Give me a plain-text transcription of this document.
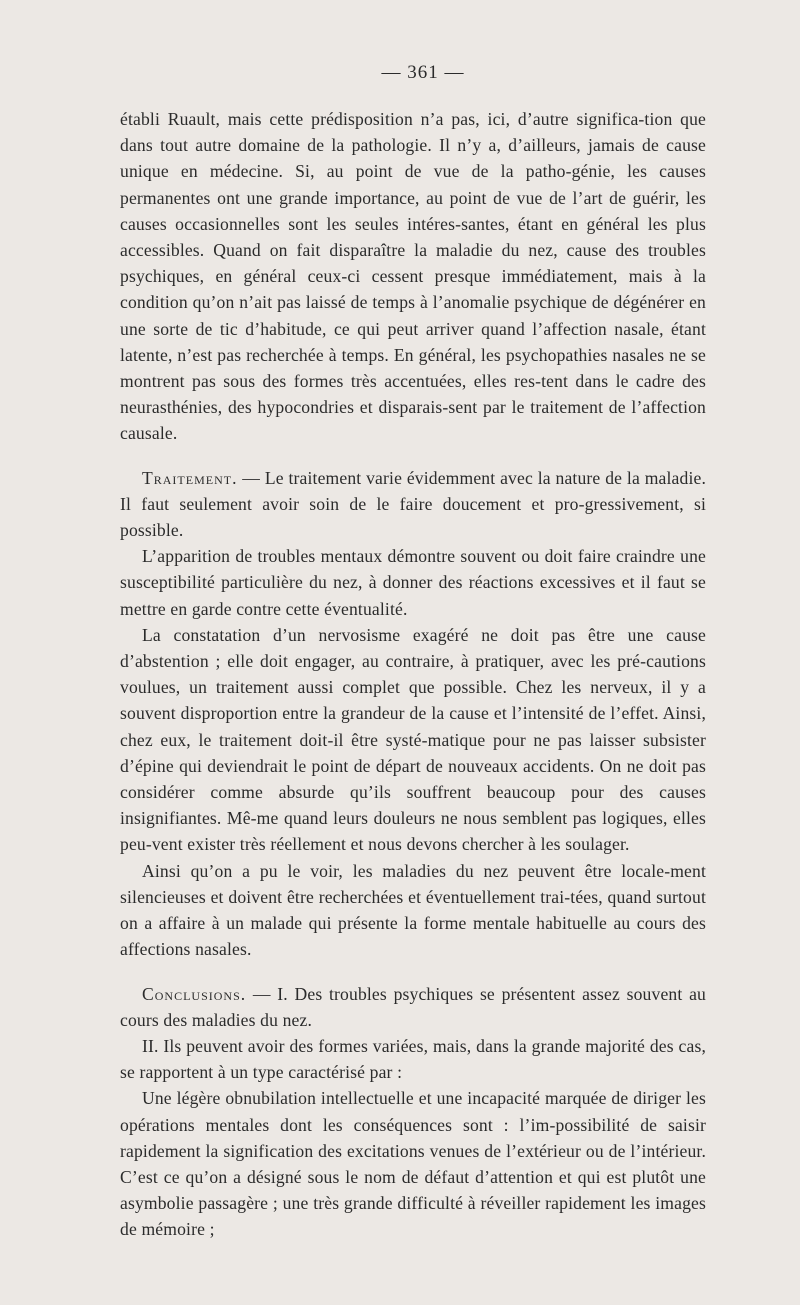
— 361 —

établi Ruault, mais cette prédisposition n’a pas, ici, d’autre significa-tion que dans tout autre domaine de la pathologie. Il n’y a, d’ailleurs, jamais de cause unique en médecine. Si, au point de vue de la patho-génie, les causes permanentes ont une grande importance, au point de vue de l’art de guérir, les causes occasionnelles sont les seules intéres-santes, étant en général les plus accessibles. Quand on fait disparaître la maladie du nez, cause des troubles psychiques, en général ceux-ci cessent presque immédiatement, mais à la condition qu’on n’ait pas laissé de temps à l’anomalie psychique de dégénérer en une sorte de tic d’habitude, ce qui peut arriver quand l’affection nasale, étant latente, n’est pas recherchée à temps. En général, les psychopathies nasales ne se montrent pas sous des formes très accentuées, elles res-tent dans le cadre des neurasthénies, des hypocondries et disparais-sent par le traitement de l’affection causale.

Traitement. — Le traitement varie évidemment avec la nature de la maladie. Il faut seulement avoir soin de le faire doucement et pro-gressivement, si possible.

L’apparition de troubles mentaux démontre souvent ou doit faire craindre une susceptibilité particulière du nez, à donner des réactions excessives et il faut se mettre en garde contre cette éventualité.

La constatation d’un nervosisme exagéré ne doit pas être une cause d’abstention ; elle doit engager, au contraire, à pratiquer, avec les pré-cautions voulues, un traitement aussi complet que possible. Chez les nerveux, il y a souvent disproportion entre la grandeur de la cause et l’intensité de l’effet. Ainsi, chez eux, le traitement doit-il être systé-matique pour ne pas laisser subsister d’épine qui deviendrait le point de départ de nouveaux accidents. On ne doit pas considérer comme absurde qu’ils souffrent beaucoup pour des causes insignifiantes. Mê-me quand leurs douleurs ne nous semblent pas logiques, elles peu-vent exister très réellement et nous devons chercher à les soulager.

Ainsi qu’on a pu le voir, les maladies du nez peuvent être locale-ment silencieuses et doivent être recherchées et éventuellement trai-tées, quand surtout on a affaire à un malade qui présente la forme mentale habituelle au cours des affections nasales.

Conclusions. — I. Des troubles psychiques se présentent assez souvent au cours des maladies du nez.

II. Ils peuvent avoir des formes variées, mais, dans la grande majorité des cas, se rapportent à un type caractérisé par :

Une légère obnubilation intellectuelle et une incapacité marquée de diriger les opérations mentales dont les conséquences sont : l’im-possibilité de saisir rapidement la signification des excitations venues de l’extérieur ou de l’intérieur. C’est ce qu’on a désigné sous le nom de défaut d’attention et qui est plutôt une asymbolie passagère ; une très grande difficulté à réveiller rapidement les images de mémoire ;
